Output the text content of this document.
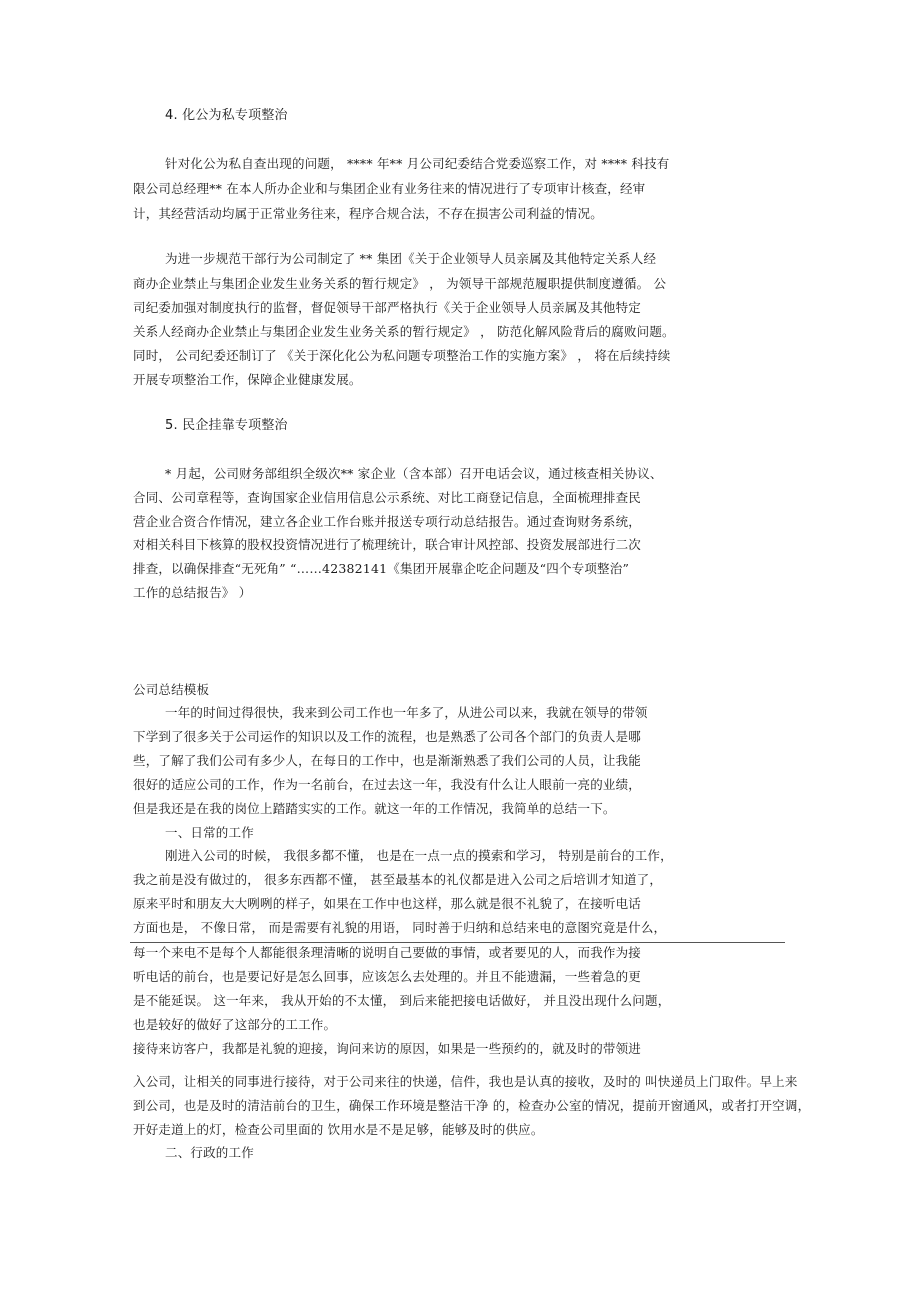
4. 化公为私专项整治
针对化公为私自查出现的问题， **** 年** 月公司纪委结合党委巡察工作，对 **** 科技有
限公司总经理** 在本人所办企业和与集团企业有业务往来的情况进行了专项审计核查，经审
计，其经营活动均属于正常业务往来，程序合规合法，不存在损害公司利益的情况。
为进一步规范干部行为公司制定了 ** 集团《关于企业领导人员亲属及其他特定关系人经
商办企业禁止与集团企业发生业务关系的暂行规定》 ， 为领导干部规范履职提供制度遵循。 公
司纪委加强对制度执行的监督，督促领导干部严格执行《关于企业领导人员亲属及其他特定
关系人经商办企业禁止与集团企业发生业务关系的暂行规定》 ， 防范化解风险背后的腐败问题。
同时， 公司纪委还制订了 《关于深化化公为私问题专项整治工作的实施方案》 ， 将在后续持续
开展专项整治工作，保障企业健康发展。
5. 民企挂靠专项整治
* 月起，公司财务部组织全级次** 家企业（含本部）召开电话会议，通过核查相关协议、
合同、公司章程等，查询国家企业信用信息公示系统、对比工商登记信息，全面梳理排查民
营企业合资合作情况，建立各企业工作台账并报送专项行动总结报告。通过查询财务系统，
对相关科目下核算的股权投资情况进行了梳理统计，联合审计风控部、投资发展部进行二次
排查，以确保排查“无死角” “……42382141《集团开展靠企吃企问题及“四个专项整治”
工作的总结报告》 ）
公司总结模板
一年的时间过得很快，我来到公司工作也一年多了，从进公司以来，我就在领导的带领
下学到了很多关于公司运作的知识以及工作的流程，也是熟悉了公司各个部门的负责人是哪
些，了解了我们公司有多少人，在每日的工作中，也是渐渐熟悉了我们公司的人员，让我能
很好的适应公司的工作，作为一名前台，在过去这一年，我没有什么让人眼前一亮的业绩，
但是我还是在我的岗位上踏踏实实的工作。就这一年的工作情况，我简单的总结一下。
一、日常的工作
刚进入公司的时候， 我很多都不懂， 也是在一点一点的摸索和学习， 特别是前台的工作，
我之前是没有做过的， 很多东西都不懂， 甚至最基本的礼仪都是进入公司之后培训才知道了，
原来平时和朋友大大咧咧的样子，如果在工作中也这样，那么就是很不礼貌了，在接听电话
方面也是， 不像日常， 而是需要有礼貌的用语， 同时善于归纳和总结来电的意图究竟是什么，
每一个来电不是每个人都能很条理清晰的说明自己要做的事情，或者要见的人，而我作为接
听电话的前台，也是要记好是怎么回事，应该怎么去处理的。并且不能遗漏，一些着急的更
是不能延误。 这一年来， 我从开始的不太懂， 到后来能把接电话做好， 并且没出现什么问题，
也是较好的做好了这部分的工工作。
接待来访客户，我都是礼貌的迎接，询问来访的原因，如果是一些预约的，就及时的带领进
入公司，让相关的同事进行接待，对于公司来往的快递，信件，我也是认真的接收，及时的 叫快递员上门取件。早上来
到公司，也是及时的清洁前台的卫生，确保工作环境是整洁干净 的，检查办公室的情况，提前开窗通风，或者打开空调，
开好走道上的灯，检查公司里面的 饮用水是不是足够，能够及时的供应。
二、行政的工作
